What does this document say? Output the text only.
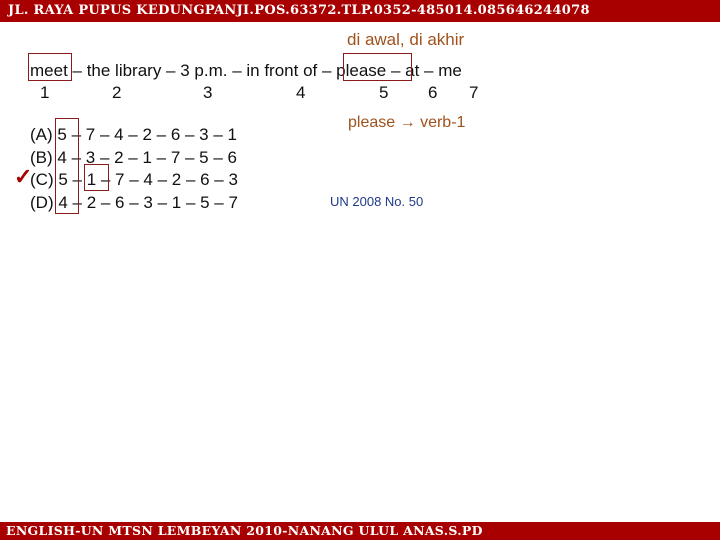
JL. RAYA PUPUS KEDUNGPANJI.POS.63372.TLP.0352-485014.085646244078
di awal, di akhir
meet – the library – 3 p.m. – in front of – please – at – me
1	2	3	4	5 6 7
(A) 5 – 7 – 4 – 2 – 6 – 3 – 1
(B) 4 – 3 – 2 – 1 – 7 – 5 – 6
(C) 5 – 1 – 7 – 4 – 2 – 6 – 3
(D) 4 – 2 – 6 – 3 – 1 – 5 – 7
✓
please → verb-1
UN 2008 No. 50
ENGLISH-UN MTSN LEMBEYAN 2010-NANANG ULUL ANAS.S.PD
